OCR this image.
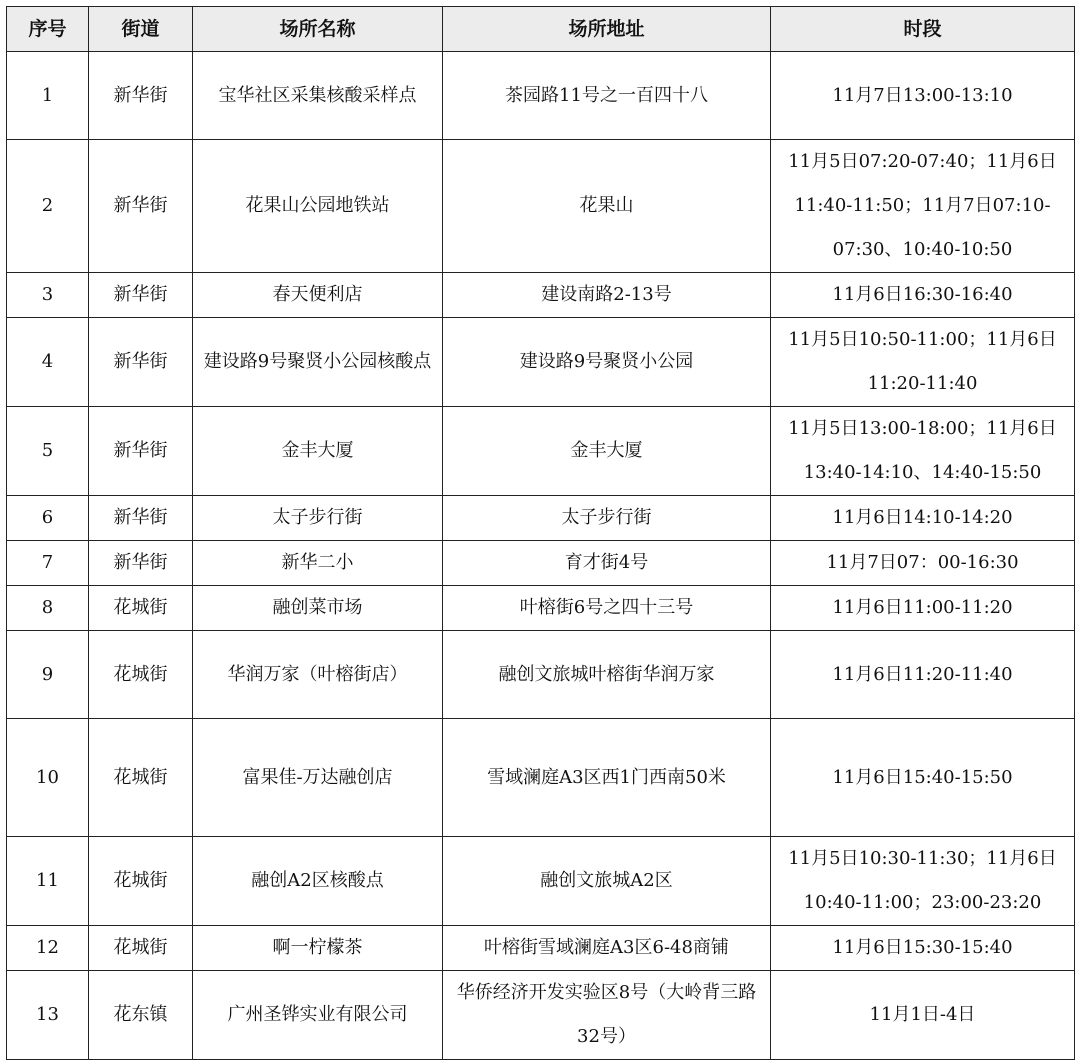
序号	街道	场所名称	场所地址	时段
1	新华街	宝华社区采集核酸采样点	茶园路11号之一百四十八	11月7日13:00-13:10
2	新华街	花果山公园地铁站	花果山	11月5日07:20-07:40；11月6日11:40-11:50；11月7日07:10-07:30、10:40-10:50
3	新华街	春天便利店	建设南路2-13号	11月6日16:30-16:40
4	新华街	建设路9号聚贤小公园核酸点	建设路9号聚贤小公园	11月5日10:50-11:00；11月6日11:20-11:40
5	新华街	金丰大厦	金丰大厦	11月5日13:00-18:00；11月6日13:40-14:10、14:40-15:50
6	新华街	太子步行街	太子步行街	11月6日14:10-14:20
7	新华街	新华二小	育才街4号	11月7日07：00-16:30
8	花城街	融创菜市场	叶榕街6号之四十三号	11月6日11:00-11:20
9	花城街	华润万家（叶榕街店）	融创文旅城叶榕街华润万家	11月6日11:20-11:40
10	花城街	富果佳-万达融创店	雪域澜庭A3区西1门西南50米	11月6日15:40-15:50
11	花城街	融创A2区核酸点	融创文旅城A2区	11月5日10:30-11:30；11月6日10:40-11:00；23:00-23:20
12	花城街	啊一柠檬茶	叶榕街雪域澜庭A3区6-48商铺	11月6日15:30-15:40
13	花东镇	广州圣铧实业有限公司	华侨经济开发实验区8号（大岭背三路32号）	11月1日-4日
